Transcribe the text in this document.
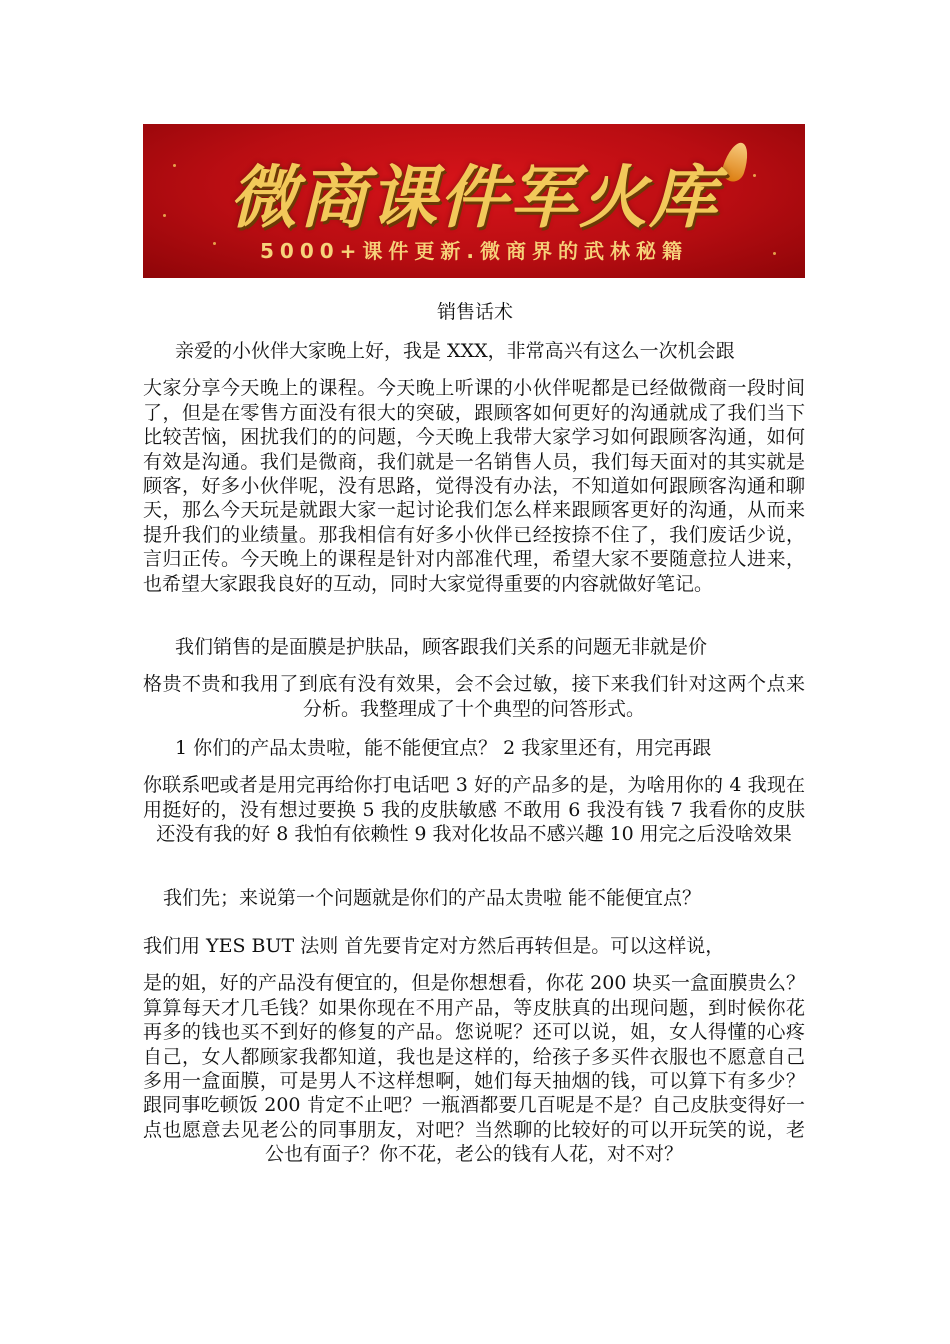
微商课件军火库
5000+课件更新.微商界的武林秘籍
销售话术
亲爱的小伙伴大家晚上好，我是 XXX，非常高兴有这么一次机会跟
大家分享今天晚上的课程。今天晚上听课的小伙伴呢都是已经做微商一段时间了，但是在零售方面没有很大的突破，跟顾客如何更好的沟通就成了我们当下比较苦恼，困扰我们的的问题，今天晚上我带大家学习如何跟顾客沟通，如何有效是沟通。我们是微商，我们就是一名销售人员，我们每天面对的其实就是顾客，好多小伙伴呢，没有思路，觉得没有办法，不知道如何跟顾客沟通和聊天，那么今天玩是就跟大家一起讨论我们怎么样来跟顾客更好的沟通，从而来提升我们的业绩量。那我相信有好多小伙伴已经按捺不住了，我们废话少说，言归正传。今天晚上的课程是针对内部准代理，希望大家不要随意拉人进来，也希望大家跟我良好的互动，同时大家觉得重要的内容就做好笔记。
我们销售的是面膜是护肤品，顾客跟我们关系的问题无非就是价
格贵不贵和我用了到底有没有效果，会不会过敏，接下来我们针对这两个点来分析。我整理成了十个典型的问答形式。
1 你们的产品太贵啦，能不能便宜点？ 2 我家里还有，用完再跟
你联系吧或者是用完再给你打电话吧 3 好的产品多的是，为啥用你的 4 我现在用挺好的，没有想过要换 5 我的皮肤敏感 不敢用 6 我没有钱 7 我看你的皮肤还没有我的好 8 我怕有依赖性 9 我对化妆品不感兴趣 10 用完之后没啥效果
我们先；来说第一个问题就是你们的产品太贵啦 能不能便宜点？
我们用 YES BUT 法则 首先要肯定对方然后再转但是。可以这样说，
是的姐，好的产品没有便宜的，但是你想想看，你花 200 块买一盒面膜贵么？算算每天才几毛钱？如果你现在不用产品，等皮肤真的出现问题，到时候你花再多的钱也买不到好的修复的产品。您说呢？还可以说，姐，女人得懂的心疼自己，女人都顾家我都知道，我也是这样的，给孩子多买件衣服也不愿意自己多用一盒面膜，可是男人不这样想啊，她们每天抽烟的钱，可以算下有多少？跟同事吃顿饭 200 肯定不止吧？一瓶酒都要几百呢是不是？自己皮肤变得好一点也愿意去见老公的同事朋友，对吧？当然聊的比较好的可以开玩笑的说，老公也有面子？你不花，老公的钱有人花，对不对？
